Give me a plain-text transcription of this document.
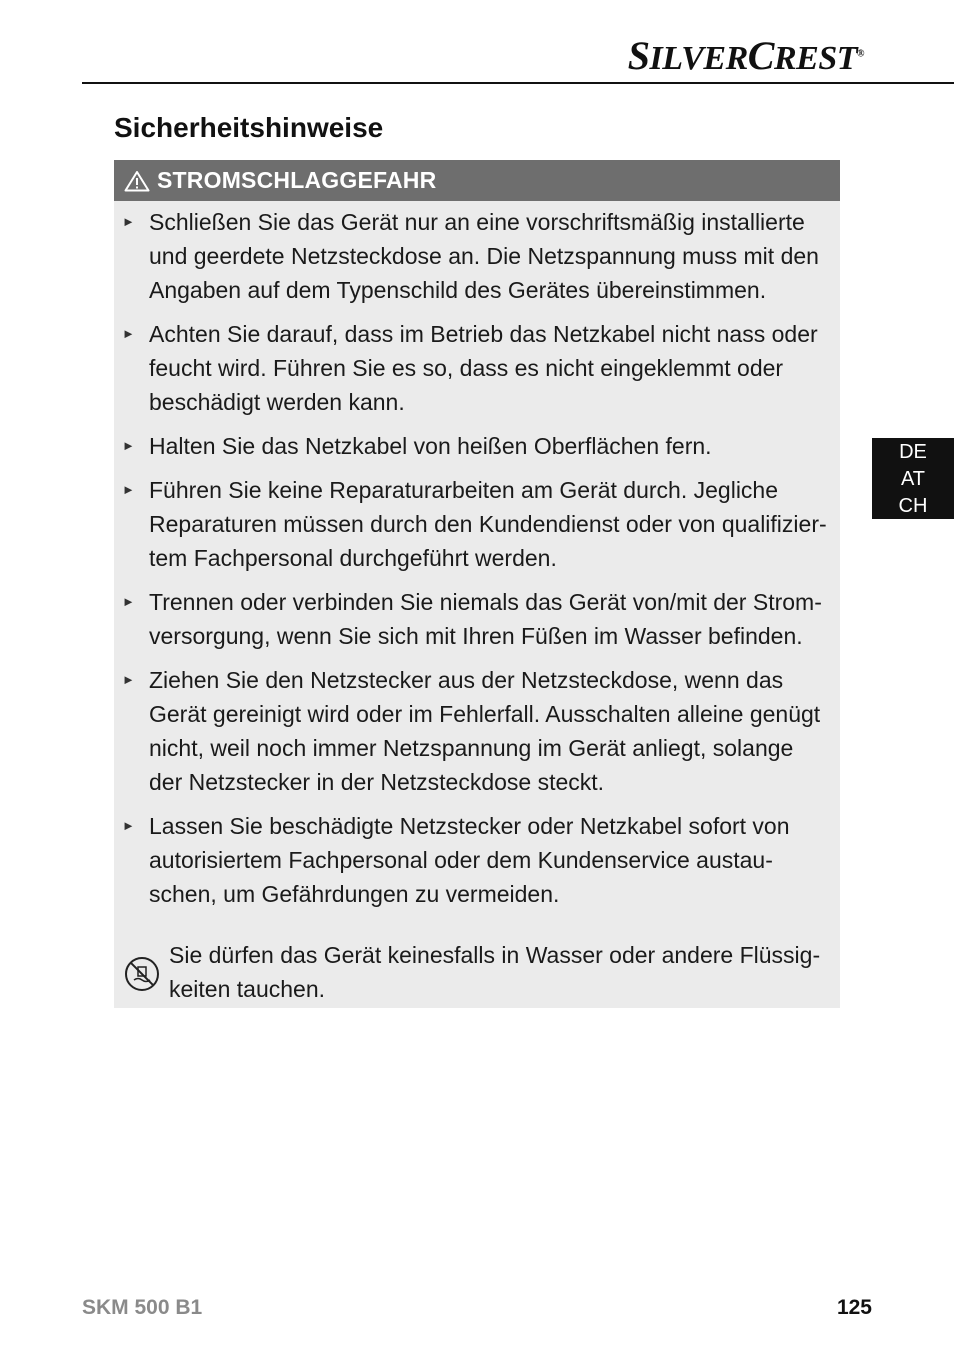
SILVERCREST®
Sicherheitshinweise
STROMSCHLAGGEFAHR
► Schließen Sie das Gerät nur an eine vorschriftsmäßig installierte und geerdete Netzsteckdose an. Die Netzspannung muss mit den Angaben auf dem Typenschild des Gerätes übereinstimmen.
► Achten Sie darauf, dass im Betrieb das Netzkabel nicht nass oder feucht wird. Führen Sie es so, dass es nicht eingeklemmt oder beschädigt werden kann.
► Halten Sie das Netzkabel von heißen Oberflächen fern.
► Führen Sie keine Reparaturarbeiten am Gerät durch. Jegliche Reparaturen müssen durch den Kundendienst oder von qualifizier-tem Fachpersonal durchgeführt werden.
► Trennen oder verbinden Sie niemals das Gerät von/mit der Strom-versorgung, wenn Sie sich mit Ihren Füßen im Wasser befinden.
► Ziehen Sie den Netzstecker aus der Netzsteckdose, wenn das Gerät gereinigt wird oder im Fehlerfall. Ausschalten alleine genügt nicht, weil noch immer Netzspannung im Gerät anliegt, solange der Netzstecker in der Netzsteckdose steckt.
► Lassen Sie beschädigte Netzstecker oder Netzkabel sofort von autorisiertem Fachpersonal oder dem Kundenservice austau-schen, um Gefährdungen zu vermeiden.
Sie dürfen das Gerät keinesfalls in Wasser oder andere Flüssig-keiten tauchen.
DE
AT
CH
SKM 500 B1	125
